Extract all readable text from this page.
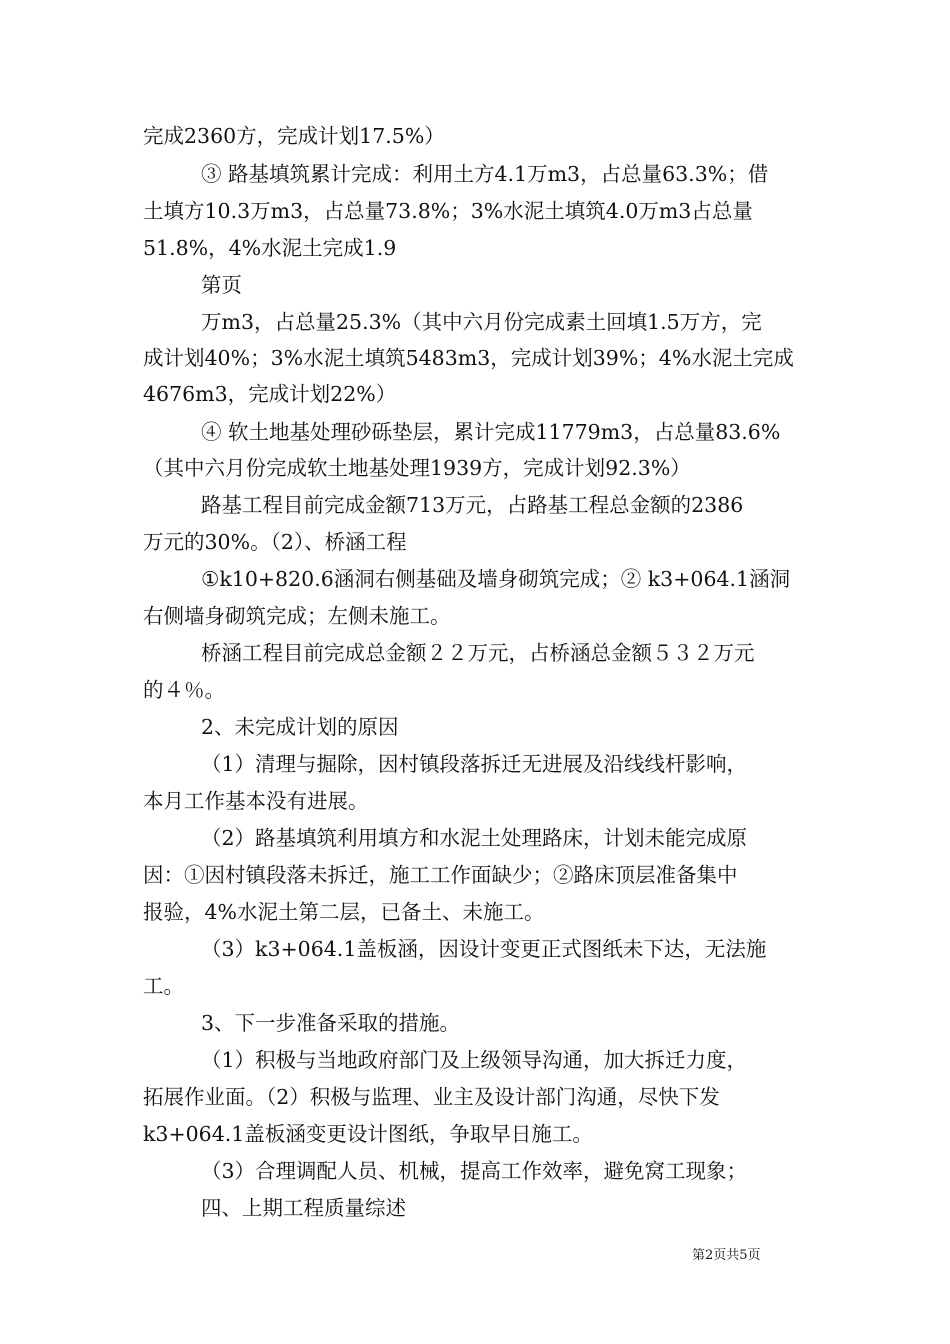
完成2360方，完成计划17.5%）

③ 路基填筑累计完成：利用土方4.1万m3，占总量63.3%；借

土填方10.3万m3，占总量73.8%；3%水泥土填筑4.0万m3占总量

51.8%，4%水泥土完成1.9

第页

万m3，占总量25.3%（其中六月份完成素土回填1.5万方，完

成计划40%；3%水泥土填筑5483m3，完成计划39%；4%水泥土完成

4676m3，完成计划22%）

④ 软土地基处理砂砾垫层，累计完成11779m3，占总量83.6%

（其中六月份完成软土地基处理1939方，完成计划92.3%）

路基工程目前完成金额713万元，占路基工程总金额的2386

万元的30%。（2）、桥涵工程

①k10+820.6涵洞右侧基础及墙身砌筑完成；② k3+064.1涵洞

右侧墙身砌筑完成；左侧未施工。

桥涵工程目前完成总金额２２万元，占桥涵总金额５３２万元

的４％。

2、未完成计划的原因

（1）清理与掘除，因村镇段落拆迁无进展及沿线线杆影响，

本月工作基本没有进展。

（2）路基填筑利用填方和水泥土处理路床，计划未能完成原

因：①因村镇段落未拆迁，施工工作面缺少；②路床顶层准备集中

报验，4%水泥土第二层，已备土、未施工。

（3）k3+064.1盖板涵，因设计变更正式图纸未下达，无法施

工。

3、下一步准备采取的措施。

（1）积极与当地政府部门及上级领导沟通，加大拆迁力度，

拓展作业面。（2）积极与监理、业主及设计部门沟通，尽快下发

k3+064.1盖板涵变更设计图纸，争取早日施工。

（3）合理调配人员、机械，提高工作效率，避免窝工现象；

四、上期工程质量综述

第2页共5页
